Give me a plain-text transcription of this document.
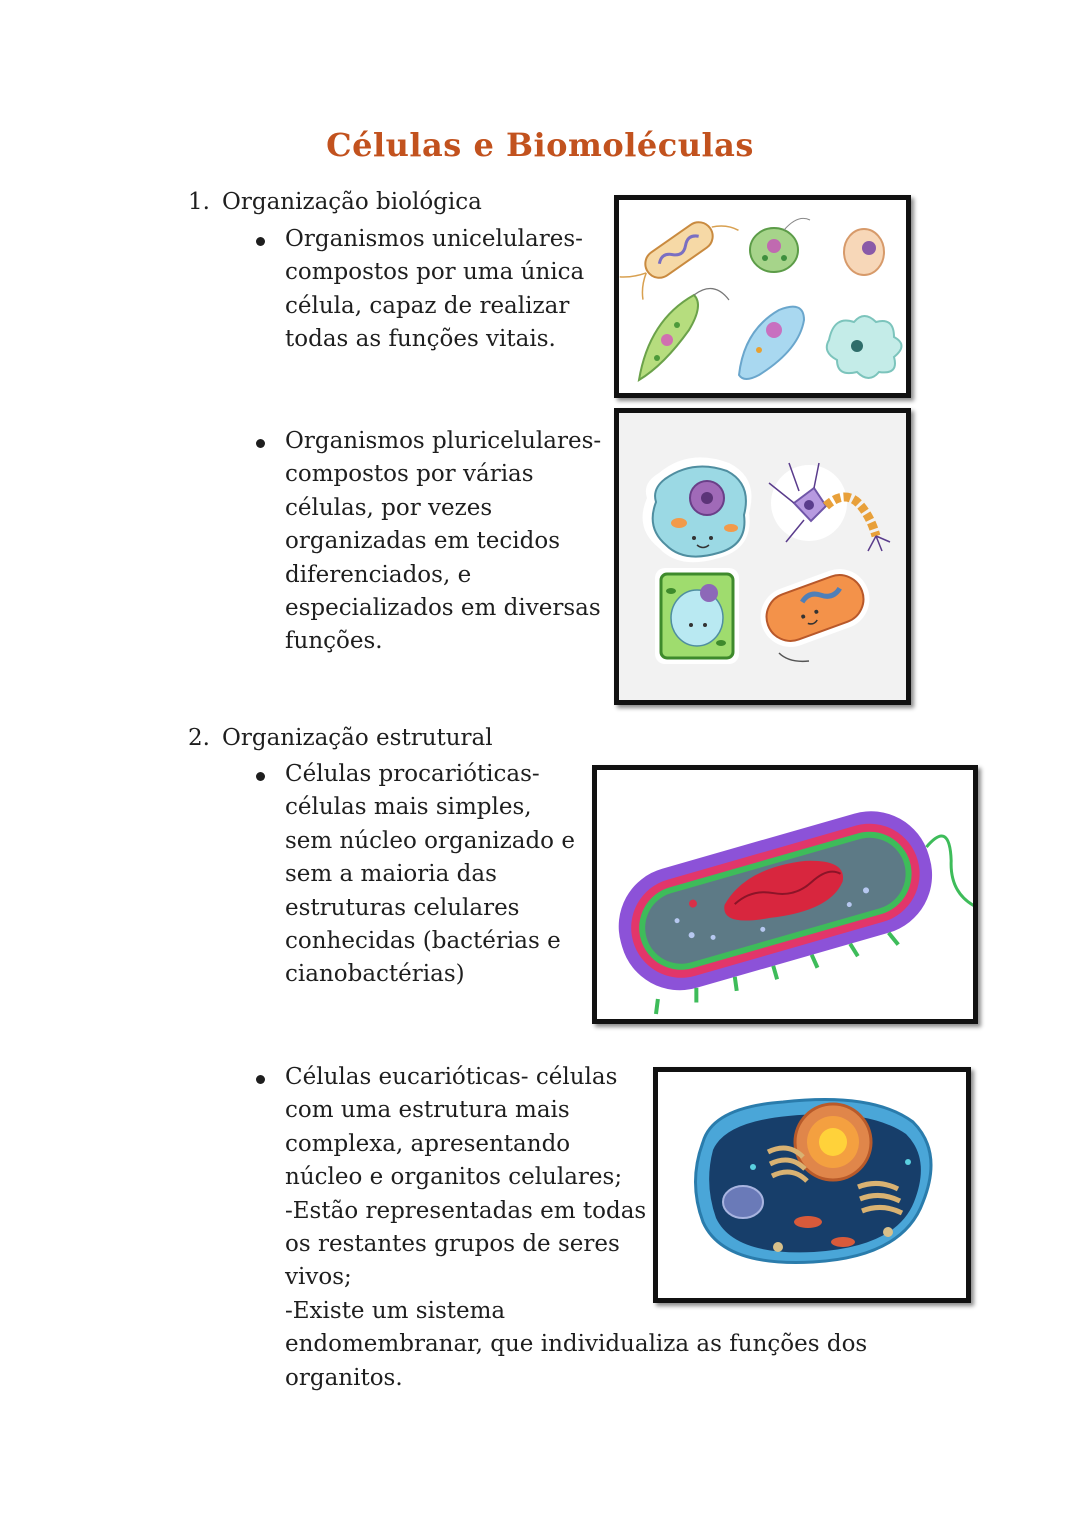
Células e Biomoléculas
1. Organização biológica
Organismos unicelulares-
compostos por uma única
célula, capaz de realizar
todas as funções vitais.
Organismos pluricelulares-
compostos por várias
células, por vezes
organizadas em tecidos
diferenciados, e
especializados em diversas
funções.
2. Organização estrutural
Células procarióticas-
células mais simples,
sem núcleo organizado e
sem a maioria das
estruturas celulares
conhecidas (bactérias e
cianobactérias)
Células eucarióticas- células
com uma estrutura mais
complexa, apresentando
núcleo e organitos celulares;
-Estão representadas em todas
os restantes grupos de seres
vivos;
-Existe um sistema
endomembranar, que individualiza as funções dos
organitos.
